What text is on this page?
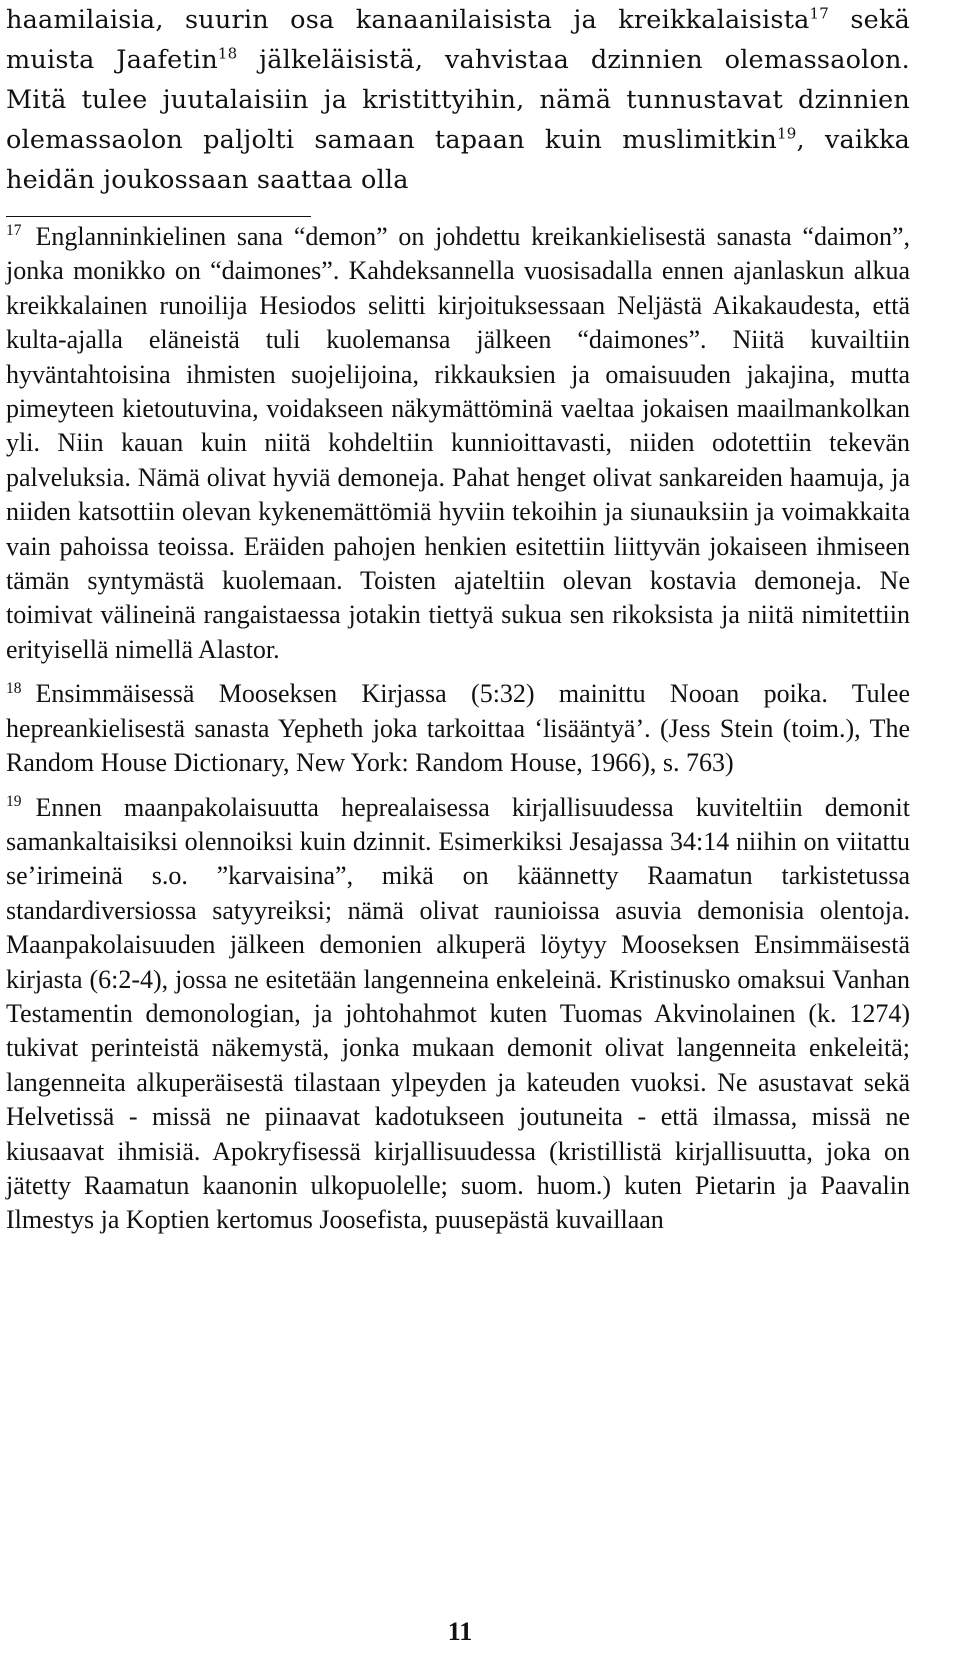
haamilaisia, suurin osa kanaanilaisista ja kreikkalaisista$^{17}$ sekä muista Jaafetin$^{18}$ jälkeläisistä, vahvistaa dzinnien olemassaolon. Mitä tulee juutalaisiin ja kristittyihin, nämä tunnustavat dzinnien olemassaolon paljolti samaan tapaan kuin muslimitkin$^{19}$, vaikka heidän joukossaan saattaa olla

$^{17}$ Englanninkielinen sana “demon” on johdettu kreikankielisestä sanasta “daimon”, jonka monikko on “daimones”. Kahdeksannella vuosisadalla ennen ajanlaskun alkua kreikkalainen runoilija Hesiodos selitti kirjoituksessaan Neljästä Aikakaudesta, että kulta-ajalla eläneistä tuli kuolemansa jälkeen “daimones”. Niitä kuvailtiin hyväntahtoisina ihmisten suojelijoina, rikkauksien ja omaisuuden jakajina, mutta pimeyteen kietoutuvina, voidakseen näkymättöminä vaeltaa jokaisen maailmankolkan yli. Niin kauan kuin niitä kohdeltiin kunnioittavasti, niiden odotettiin tekevän palveluksia. Nämä olivat hyviä demoneja. Pahat henget olivat sankareiden haamuja, ja niiden katsottiin olevan kykenemättömiä hyviin tekoihin ja siunauksiin ja voimakkaita vain pahoissa teoissa. Eräiden pahojen henkien esitettiin liittyvän jokaiseen ihmiseen tämän syntymästä kuolemaan. Toisten ajateltiin olevan kostavia demoneja. Ne toimivat välineinä rangaistaessa jotakin tiettyä sukua sen rikoksista ja niitä nimitettiin erityisellä nimellä Alastor.

$^{18}$ Ensimmäisessä Mooseksen Kirjassa (5:32) mainittu Nooan poika. Tulee hepreankielisestä sanasta Yepheth joka tarkoittaa ‘lisääntyä’. (Jess Stein (toim.), The Random House Dictionary, New York: Random House, 1966), s. 763)

$^{19}$ Ennen maanpakolaisuutta heprealaisessa kirjallisuudessa kuviteltiin demonit samankaltaisiksi olennoiksi kuin dzinnit. Esimerkiksi Jesajassa 34:14 niihin on viitattu se’irimeinä s.o. ”karvaisina”, mikä on käännetty Raamatun tarkistetussa standardiversiossa satyyreiksi; nämä olivat raunioissa asuvia demonisia olentoja. Maanpakolaisuuden jälkeen demonien alkuperä löytyy Mooseksen Ensimmäisestä kirjasta (6:2-4), jossa ne esitetään langenneina enkeleinä. Kristinusko omaksui Vanhan Testamentin demonologian, ja johtohahmot kuten Tuomas Akvinolainen (k. 1274) tukivat perinteistä näkemystä, jonka mukaan demonit olivat langenneita enkeleitä; langenneita alkuperäisestä tilastaan ylpeyden ja kateuden vuoksi. Ne asustavat sekä Helvetissä - missä ne piinaavat kadotukseen joutuneita - että ilmassa, missä ne kiusaavat ihmisiä. Apokryfisessä kirjallisuudessa (kristillistä kirjallisuutta, joka on jätetty Raamatun kaanonin ulkopuolelle; suom. huom.) kuten Pietarin ja Paavalin Ilmestys ja Koptien kertomus Joosefista, puusepästä kuvaillaan

11
